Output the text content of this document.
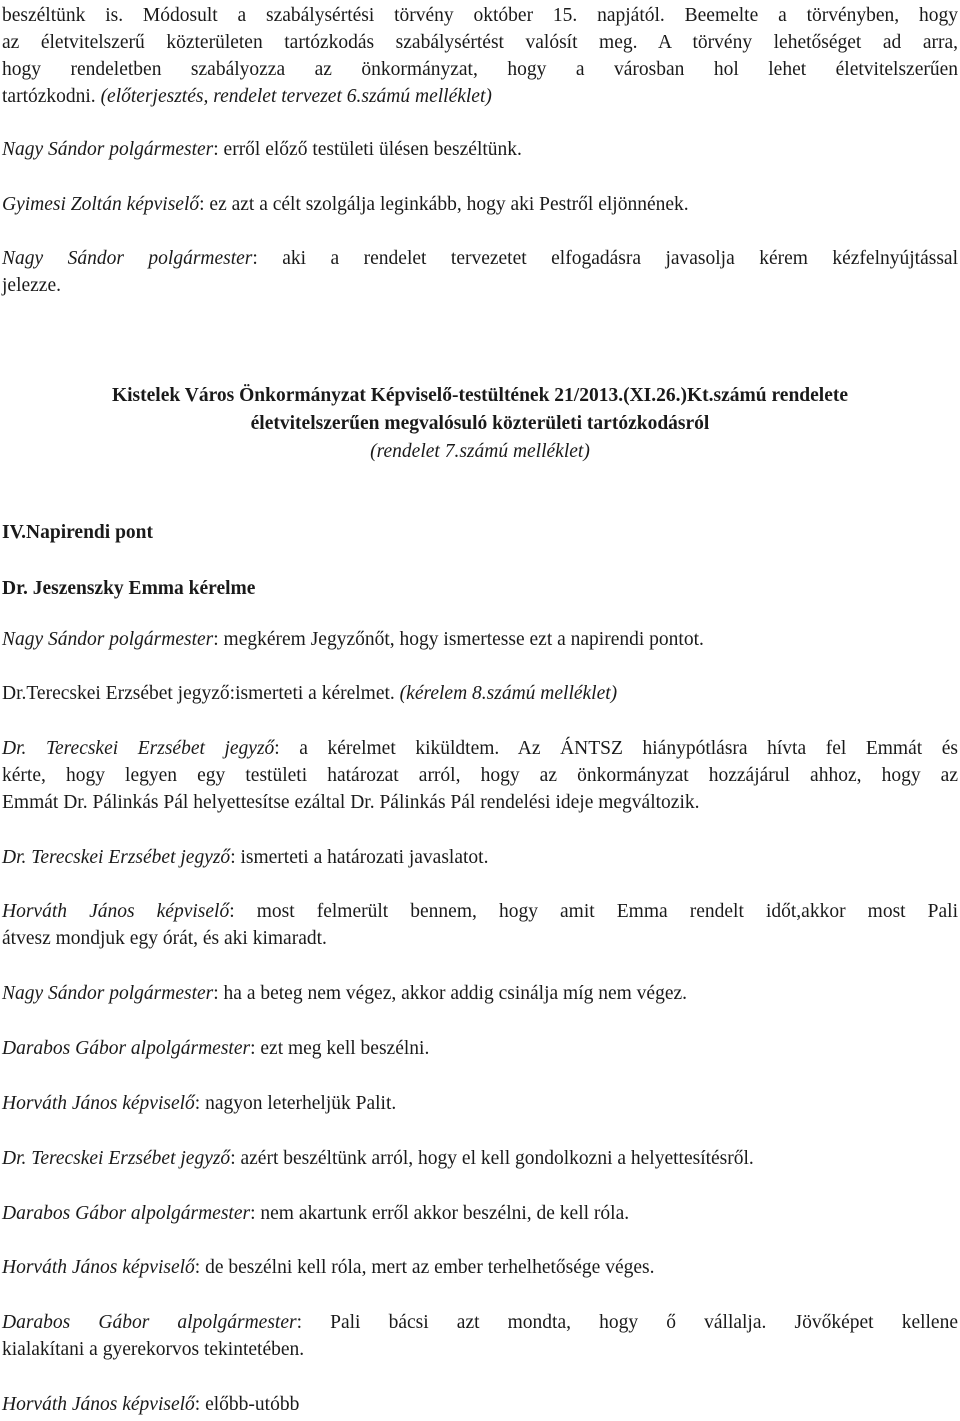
beszéltünk is. Módosult a szabálysértési törvény október 15. napjától. Beemelte a törvényben, hogy

az életvitelszerű közterületen tartózkodás szabálysértést valósít meg. A törvény lehetőséget ad arra,

hogy rendeletben szabályozza az önkormányzat, hogy a városban hol lehet életvitelszerűen

tartózkodni. (előterjesztés, rendelet tervezet 6.számú melléklet)

Nagy Sándor polgármester: erről előző testületi ülésen beszéltünk.

Gyimesi Zoltán képviselő: ez azt a célt szolgálja leginkább, hogy aki Pestről eljönnének.

Nagy Sándor polgármester: aki a rendelet tervezetet elfogadásra javasolja kérem kézfelnyújtással

jelezze.

Kistelek Város Önkormányzat Képviselő-testültének 21/2013.(XI.26.)Kt.számú rendelete

életvitelszerűen megvalósuló közterületi tartózkodásról

(rendelet 7.számú melléklet)

IV.Napirendi pont
Dr. Jeszenszky Emma kérelme

Nagy Sándor polgármester: megkérem Jegyzőnőt, hogy ismertesse ezt a napirendi pontot.

Dr.Terecskei Erzsébet jegyző:ismerteti a kérelmet. (kérelem 8.számú melléklet)

Dr. Terecskei Erzsébet jegyző: a kérelmet kiküldtem. Az ÁNTSZ hiánypótlásra hívta fel Emmát és

kérte, hogy legyen egy testületi határozat arról, hogy az önkormányzat hozzájárul ahhoz, hogy az

Emmát Dr. Pálinkás Pál helyettesítse ezáltal Dr. Pálinkás Pál rendelési ideje megváltozik.

Dr. Terecskei Erzsébet jegyző: ismerteti a határozati javaslatot.

Horváth János képviselő: most felmerült bennem, hogy amit Emma rendelt időt,akkor most Pali

átvesz mondjuk egy órát, és aki kimaradt.

Nagy Sándor polgármester: ha a beteg nem végez, akkor addig csinálja míg nem végez.

Darabos Gábor alpolgármester: ezt meg kell beszélni.

Horváth János képviselő: nagyon leterheljük Palit.

Dr. Terecskei Erzsébet jegyző: azért beszéltünk arról, hogy el kell gondolkozni a helyettesítésről.

Darabos Gábor alpolgármester: nem akartunk erről akkor beszélni, de kell róla.

Horváth János képviselő: de beszélni kell róla, mert az ember terhelhetősége véges.

Darabos Gábor alpolgármester: Pali bácsi azt mondta, hogy ő vállalja. Jövőképet kellene

kialakítani a gyerekorvos tekintetében.

Horváth János képviselő: előbb-utóbb
